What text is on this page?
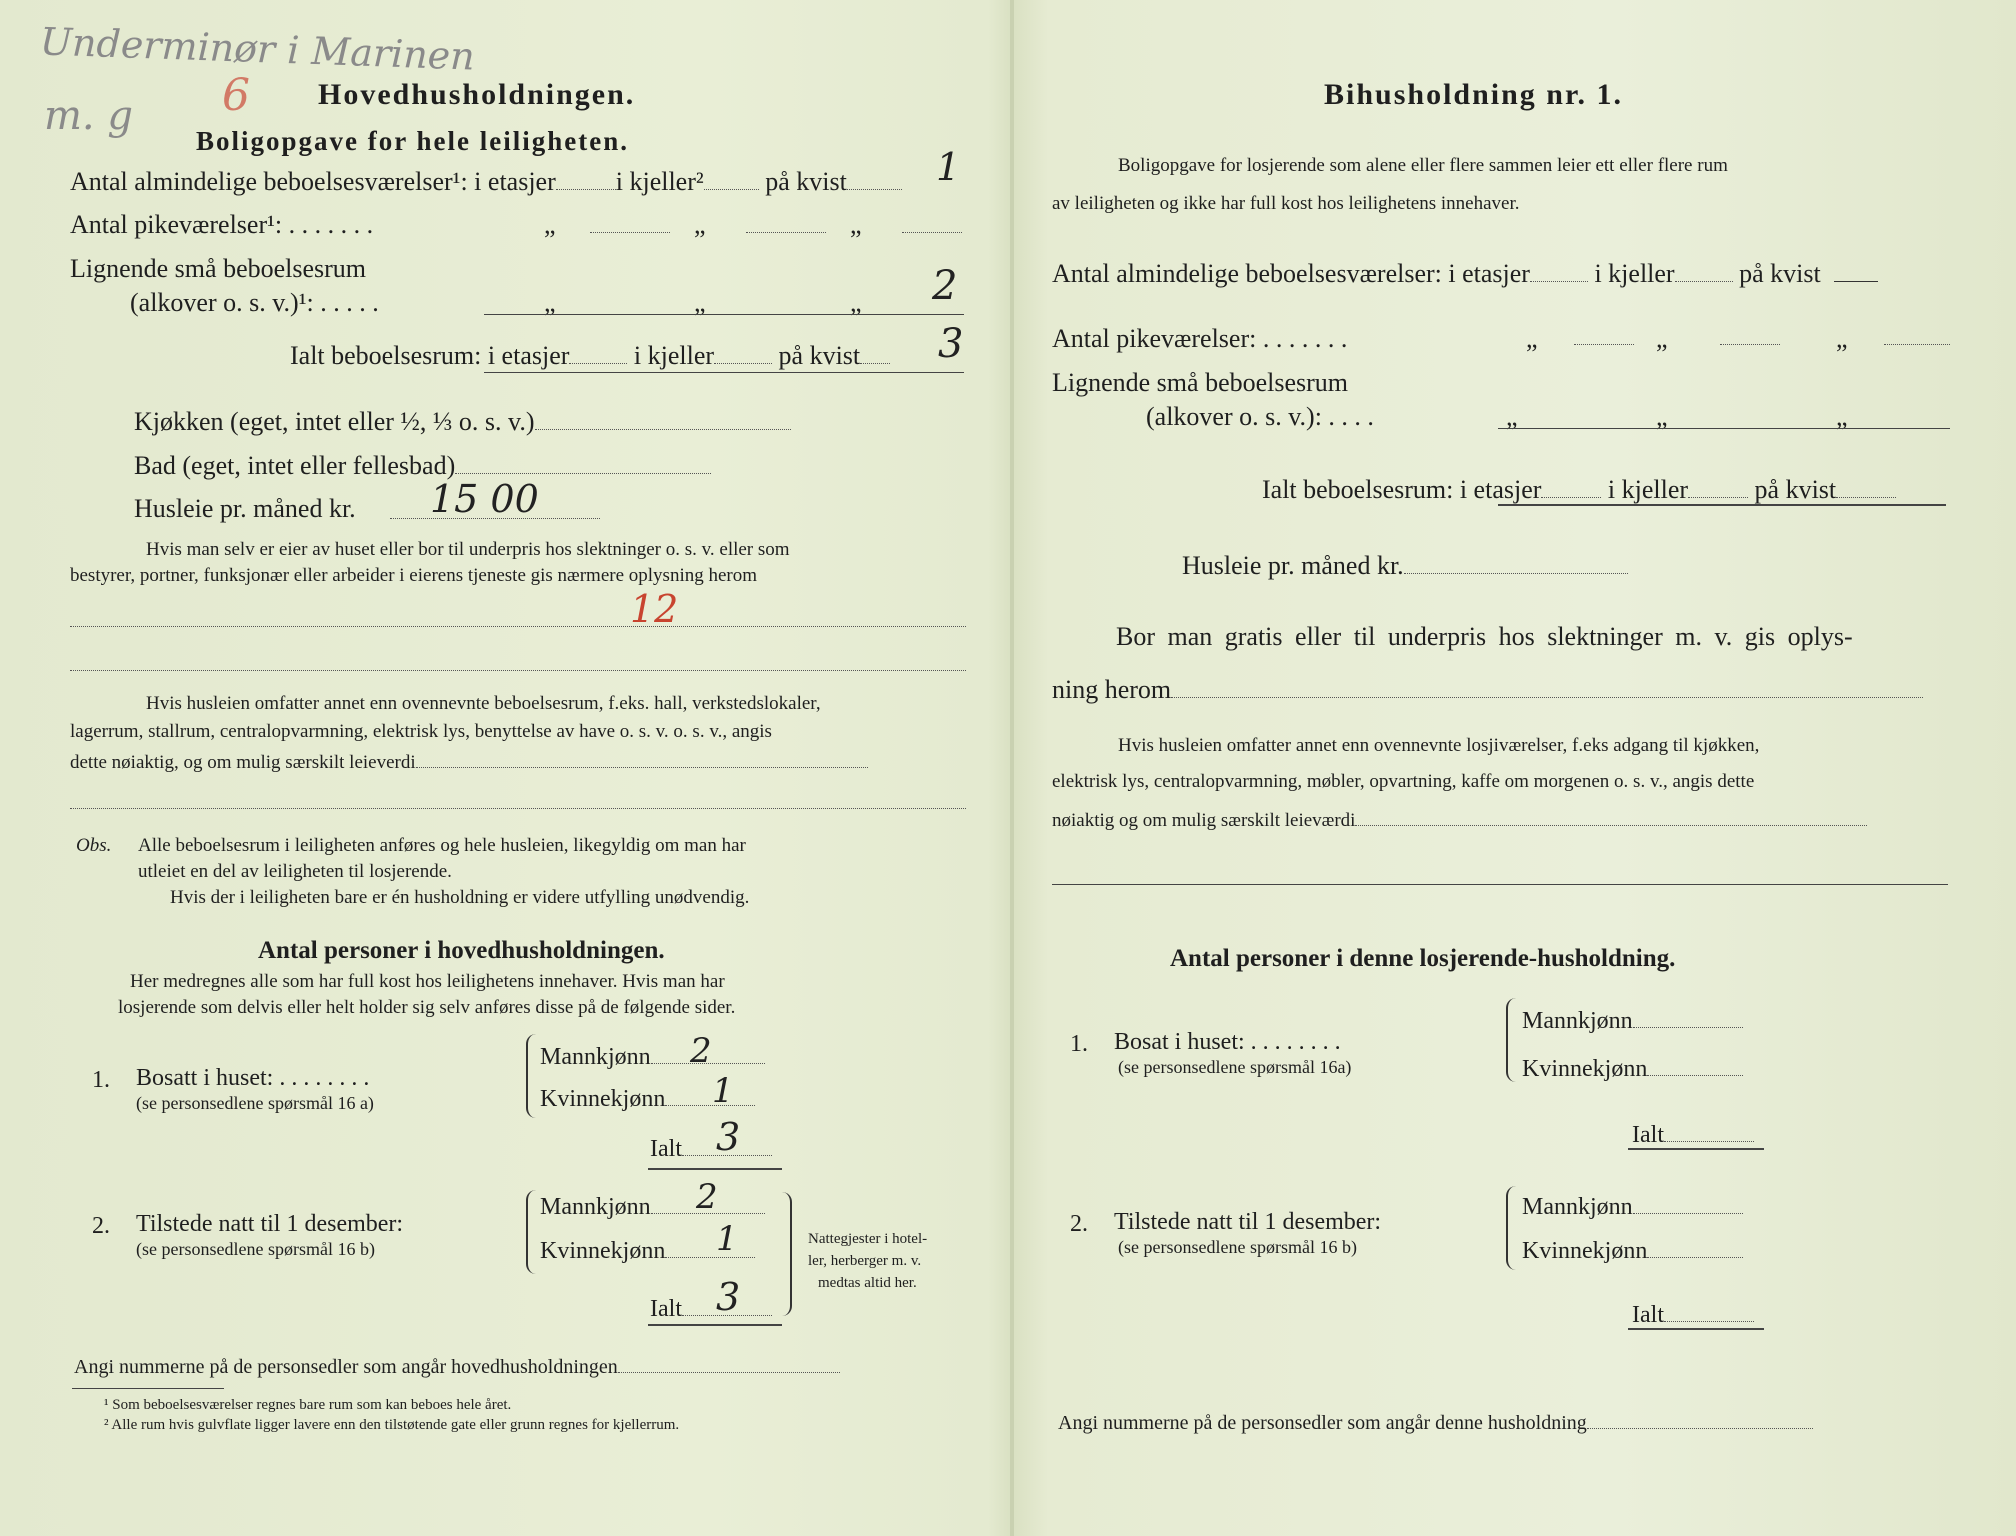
Underminør i Marinen
m. g 6 Hovedhusholdningen.
Boligopgave for hele leiligheten.
Antal almindelige beboelsesværelser¹: i etasjer i kjeller² på kvist	1
Antal pikeværelser¹: . . . . . . .	„	„	„
Lignende små beboelsesrum
(alkover o. s. v.)¹: . . . . .	„	„	„ 2
Ialt beboelsesrum: i etasjer i kjeller på kvist	3
Kjøkken (eget, intet eller ½, ⅓ o. s. v.)
Bad (eget, intet eller fellesbad)
Husleie pr. måned kr. 15 00
Hvis man selv er eier av huset eller bor til underpris hos slektninger o. s. v. eller som
bestyrer, portner, funksjonær eller arbeider i eierens tjeneste gis nærmere oplysning herom
12
Hvis husleien omfatter annet enn ovennevnte beboelsesrum, f.eks. hall, verkstedslokaler,
lagerrum, stallrum, centralopvarmning, elektrisk lys, benyttelse av have o. s. v. o. s. v., angis
dette nøiaktig, og om mulig særskilt leieverdi
Obs. Alle beboelsesrum i leiligheten anføres og hele husleien, likegyldig om man har
utleiet en del av leiligheten til losjerende.
Hvis der i leiligheten bare er én husholdning er videre utfylling unødvendig.
Antal personer i hovedhusholdningen.
Her medregnes alle som har full kost hos leilighetens innehaver. Hvis man har
losjerende som delvis eller helt holder sig selv anføres disse på de følgende sider.
1. Bosatt i huset: . . . . . . . .
(se personsedlene spørsmål 16 a)
Mannkjønn	2
Kvinnekjønn	1
Ialt 3
2. Tilstede natt til 1 desember:
(se personsedlene spørsmål 16 b)
Mannkjønn	2
Kvinnekjønn	1
Ialt 3
Nattegjester i hotel-
ler, herberger m. v.
medtas altid her.
Angi nummerne på de personsedler som angår hovedhusholdningen
¹ Som beboelsesværelser regnes bare rum som kan beboes hele året.
² Alle rum hvis gulvflate ligger lavere enn den tilstøtende gate eller grunn regnes for kjellerrum.
Bihusholdning nr. 1.
Boligopgave for losjerende som alene eller flere sammen leier ett eller flere rum
av leiligheten og ikke har full kost hos leilighetens innehaver.
Antal almindelige beboelsesværelser: i etasjer i kjeller på kvist
Antal pikeværelser: . . . . . . .	„	„	„
Lignende små beboelsesrum
(alkover o. s. v.): . . . .	„	„	„
Ialt beboelsesrum: i etasjer	i kjeller	på kvist
Husleie pr. måned kr.
Bor man gratis eller til underpris hos slektninger m. v. gis oplys-
ning herom
Hvis husleien omfatter annet enn ovennevnte losjiværelser, f.eks adgang til kjøkken,
elektrisk lys, centralopvarmning, møbler, opvartning, kaffe om morgenen o. s. v., angis dette
nøiaktig og om mulig særskilt leieværdi
Antal personer i denne losjerende-husholdning.
1. Bosat i huset: . . . . . . . .
(se personsedlene spørsmål 16a)
Mannkjønn
Kvinnekjønn
Ialt
2. Tilstede natt til 1 desember:
(se personsedlene spørsmål 16 b)
Mannkjønn
Kvinnekjønn
Ialt
Angi nummerne på de personsedler som angår denne husholdning
